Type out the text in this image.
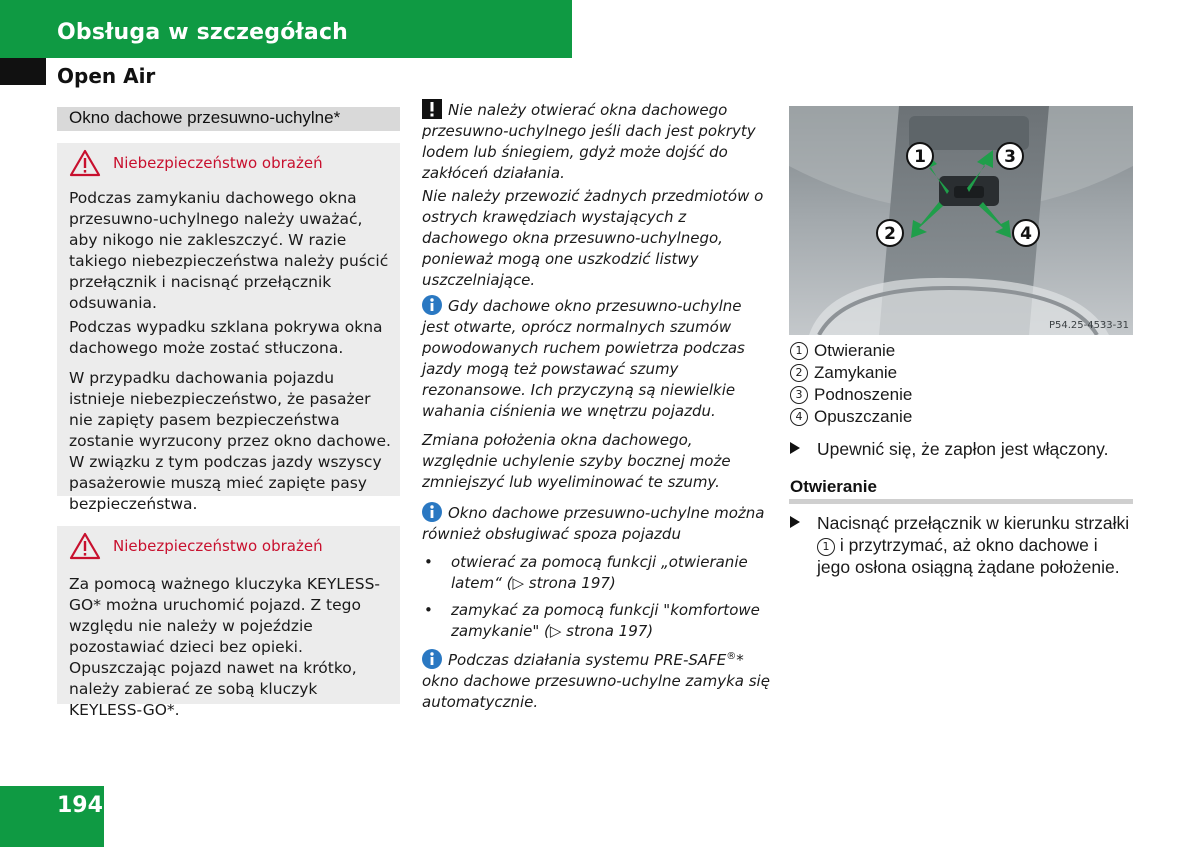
Obsługa w szczegółach
Open Air
Okno dachowe przesuwno-uchylne*
Niebezpieczeństwo obrażeń
Podczas zamykaniu dachowego okna przesuwno-uchylnego należy uważać, aby nikogo nie zakleszczyć. W razie takiego niebezpieczeństwa należy puścić przełącznik i nacisnąć przełącznik odsuwania.
Podczas wypadku szklana pokrywa okna dachowego może zostać stłuczona.
W przypadku dachowania pojazdu istnieje niebezpieczeństwo, że pasażer nie zapięty pasem bezpieczeństwa zostanie wyrzucony przez okno dachowe. W związku z tym podczas jazdy wszyscy pasażerowie muszą mieć zapięte pasy bezpieczeństwa.
Niebezpieczeństwo obrażeń
Za pomocą ważnego kluczyka KEYLESS-GO* można uruchomić pojazd. Z tego względu nie należy w pojeździe pozostawiać dzieci bez opieki. Opuszczając pojazd nawet na krótko, należy zabierać ze sobą kluczyk KEYLESS-GO*.
Nie należy otwierać okna dachowego przesuwno-uchylnego jeśli dach jest pokryty lodem lub śniegiem, gdyż może dojść do zakłóceń działania.
Nie należy przewozić żadnych przedmiotów o ostrych krawędziach wystających z dachowego okna przesuwno-uchylnego, ponieważ mogą one uszkodzić listwy uszczelniające.
Gdy dachowe okno przesuwno-uchylne jest otwarte, oprócz normalnych szumów powodowanych ruchem powietrza podczas jazdy mogą też powstawać szumy rezonansowe. Ich przyczyną są niewielkie wahania ciśnienia we wnętrzu pojazdu.
Zmiana położenia okna dachowego, względnie uchylenie szyby bocznej może zmniejszyć lub wyeliminować te szumy.
Okno dachowe przesuwno-uchylne można również obsługiwać spoza pojazdu
• otwierać za pomocą funkcji „otwieranie latem“ (▷ strona 197)
• zamykać za pomocą funkcji "komfortowe zamykanie" (▷ strona 197)
Podczas działania systemu PRE-SAFE®*
okno dachowe przesuwno-uchylne zamyka się automatycznie.
1	3
2	4
P54.25-4533-31
1 Otwieranie
2 Zamykanie
3 Podnoszenie
4 Opuszczanie
Upewnić się, że zapłon jest włączony.
Otwieranie
Nacisnąć przełącznik w kierunku strzałki 1 i przytrzymać, aż okno dachowe i jego osłona osiągną żądane położenie.
194
